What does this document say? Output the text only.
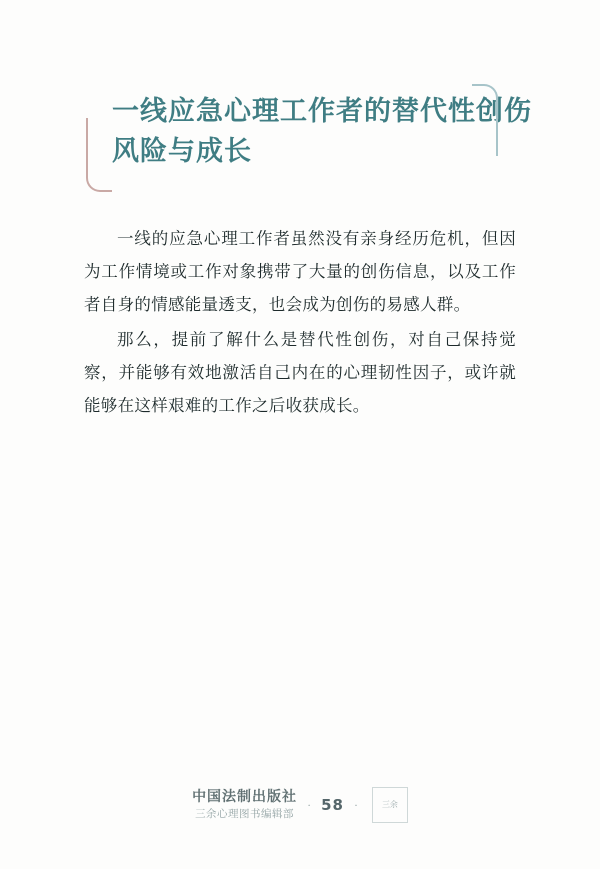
一线应急心理工作者的替代性创伤
风险与成长

一线的应急心理工作者虽然没有亲身经历危机，但因为工作情境或工作对象携带了大量的创伤信息，以及工作者自身的情感能量透支，也会成为创伤的易感人群。

那么，提前了解什么是替代性创伤，对自己保持觉察，并能够有效地激活自己内在的心理韧性因子，或许就能够在这样艰难的工作之后收获成长。

中国法制出版社
三余心理图书编辑部
· 58 ·	三余
